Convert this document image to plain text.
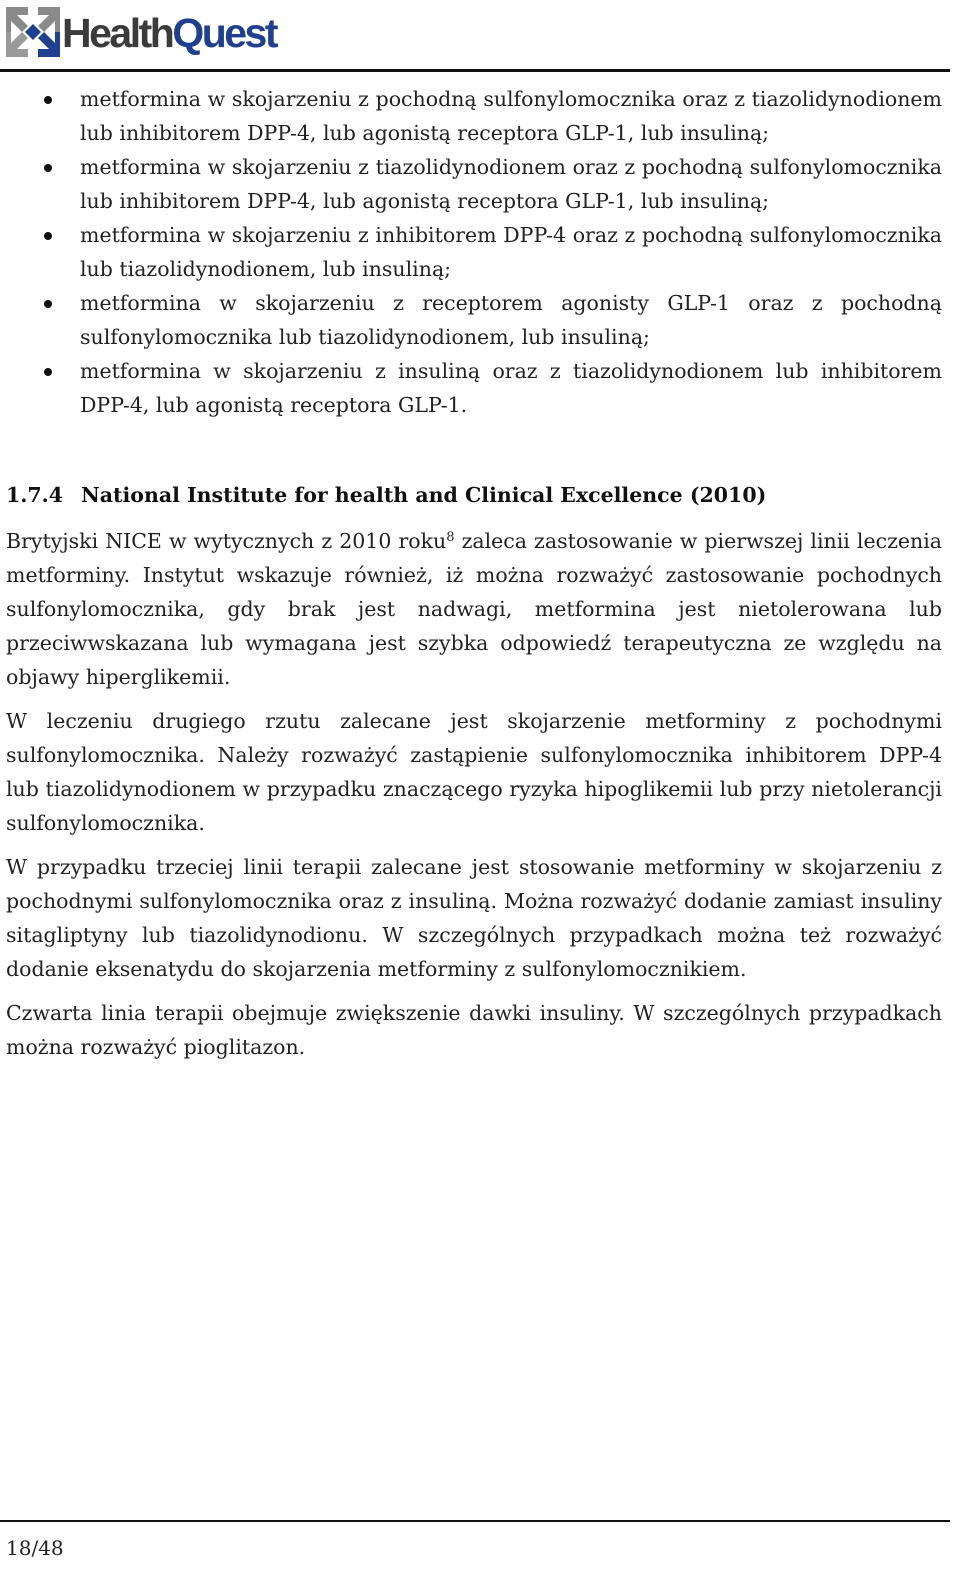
HealthQuest
metformina w skojarzeniu z pochodną sulfonylomocznika oraz z tiazolidynodionem lub inhibitorem DPP-4, lub agonistą receptora GLP-1, lub insuliną;
metformina w skojarzeniu z tiazolidynodionem oraz z pochodną sulfonylomocznika lub inhibitorem DPP-4, lub agonistą receptora GLP-1, lub insuliną;
metformina w skojarzeniu z inhibitorem DPP-4 oraz z pochodną sulfonylomocznika lub tiazolidynodionem, lub insuliną;
metformina w skojarzeniu z receptorem agonisty GLP-1 oraz z pochodną sulfonylomocznika lub tiazolidynodionem, lub insuliną;
metformina w skojarzeniu z insuliną oraz z tiazolidynodionem lub inhibitorem DPP-4, lub agonistą receptora GLP-1.
1.7.4 National Institute for health and Clinical Excellence (2010)

Brytyjski NICE w wytycznych z 2010 roku$^8$ zaleca zastosowanie w pierwszej linii leczenia metforminy. Instytut wskazuje również, iż można rozważyć zastosowanie pochodnych sulfonylomocznika, gdy brak jest nadwagi, metformina jest nietolerowana lub przeciwwskazana lub wymagana jest szybka odpowiedź terapeutyczna ze względu na objawy hiperglikemii.

W leczeniu drugiego rzutu zalecane jest skojarzenie metforminy z pochodnymi sulfonylomocznika. Należy rozważyć zastąpienie sulfonylomocznika inhibitorem DPP-4 lub tiazolidynodionem w przypadku znaczącego ryzyka hipoglikemii lub przy nietolerancji sulfonylomocznika.

W przypadku trzeciej linii terapii zalecane jest stosowanie metforminy w skojarzeniu z pochodnymi sulfonylomocznika oraz z insuliną. Można rozważyć dodanie zamiast insuliny sitagliptyny lub tiazolidynodionu. W szczególnych przypadkach można też rozważyć dodanie eksenatydu do skojarzenia metforminy z sulfonylomocznikiem.

Czwarta linia terapii obejmuje zwiększenie dawki insuliny. W szczególnych przypadkach można rozważyć pioglitazon.

18/48
